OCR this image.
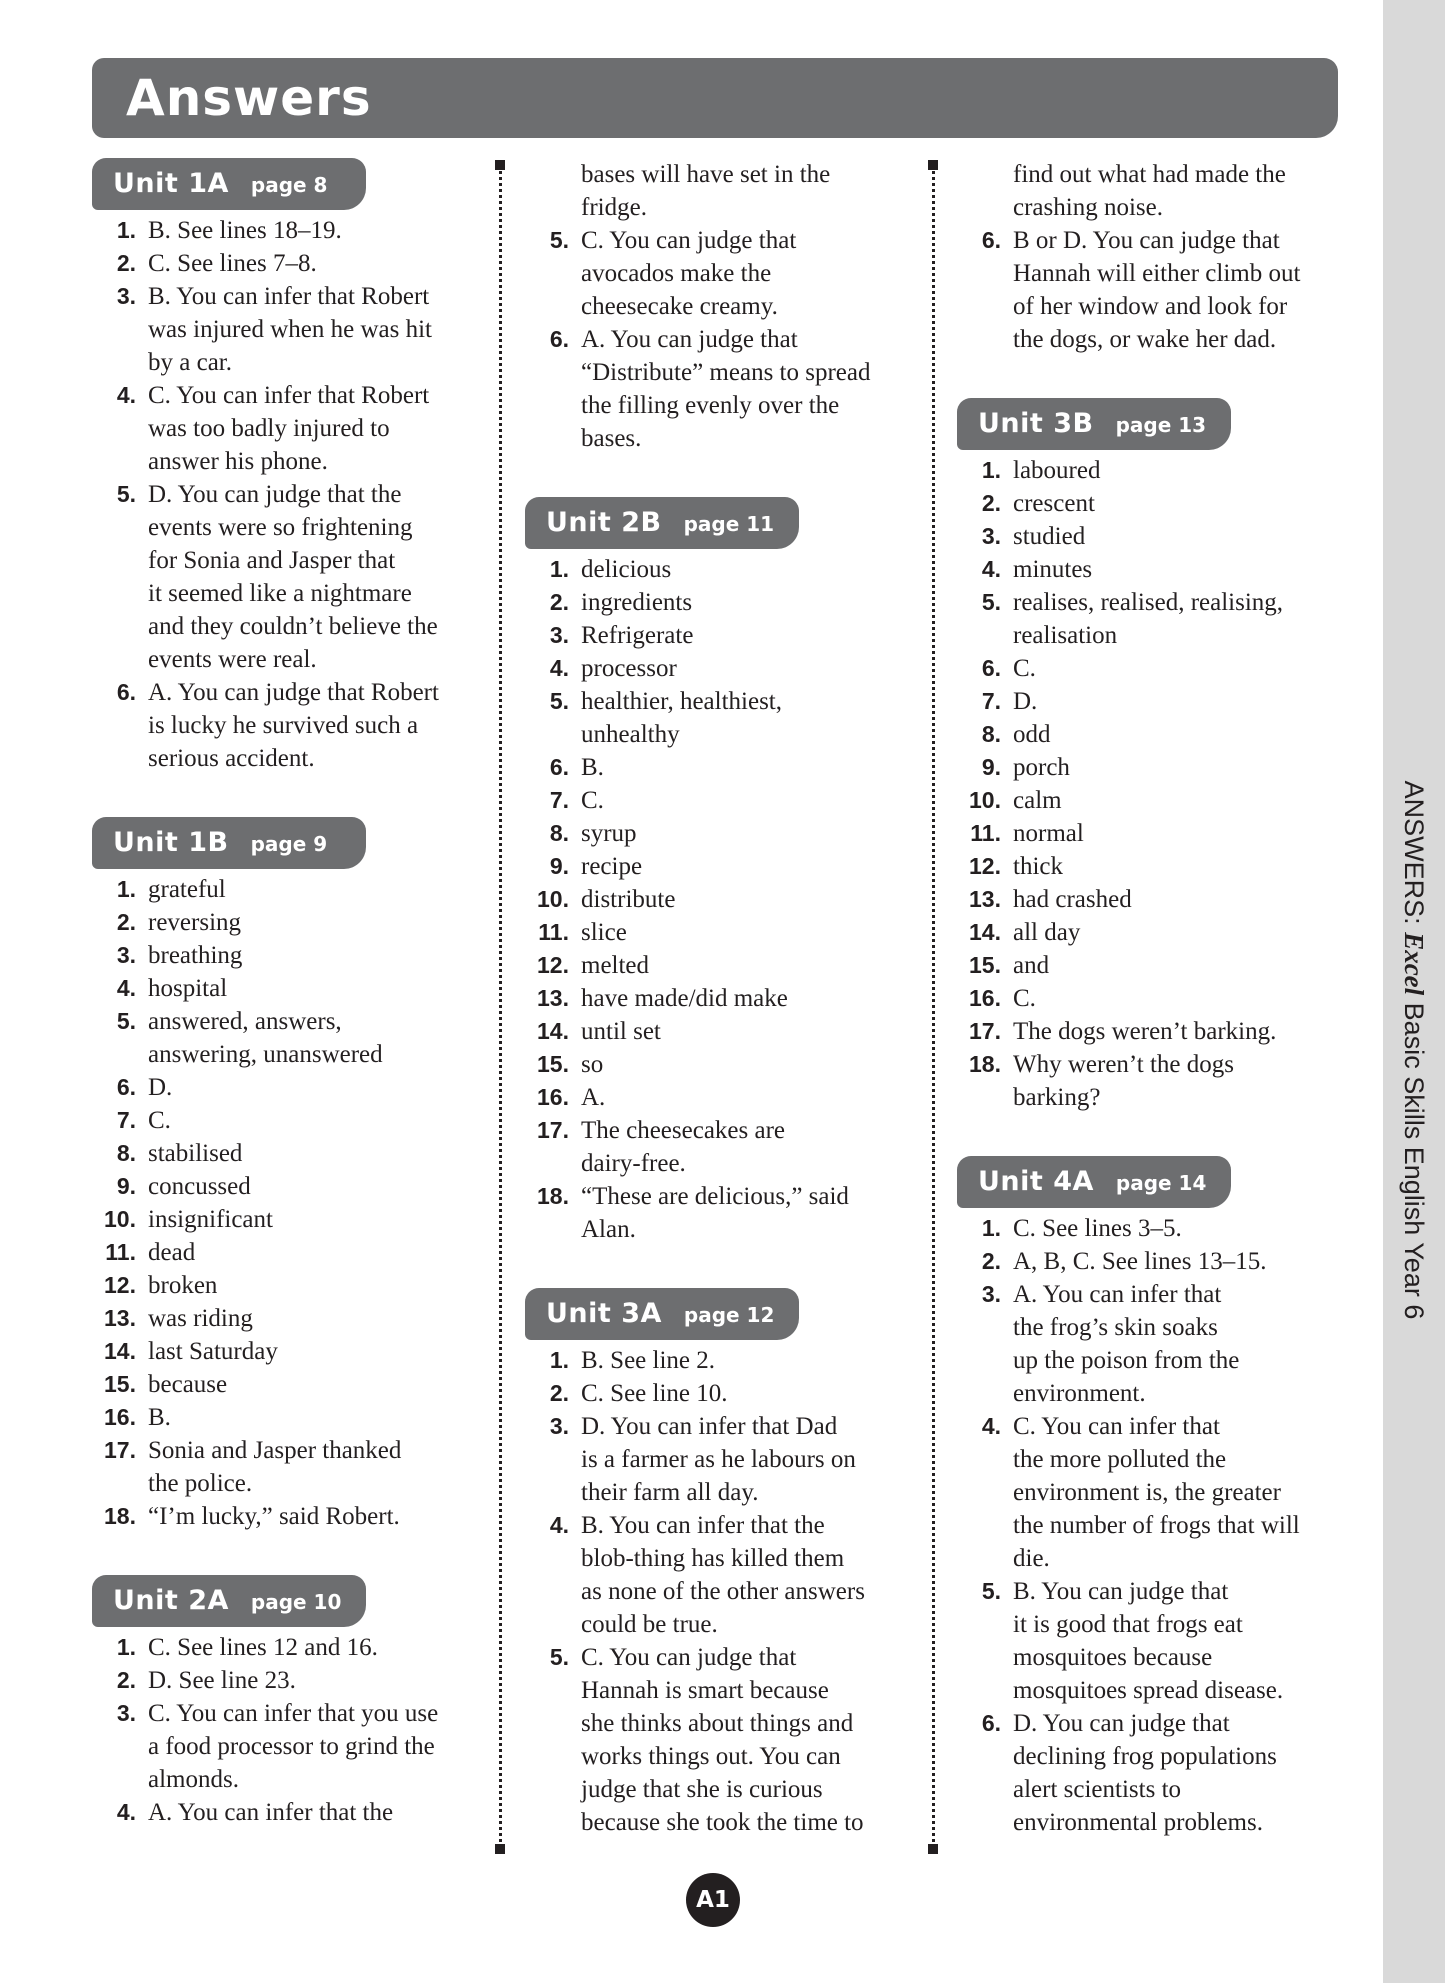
ANSWERS: Excel Basic Skills English Year 6
Answers
Unit 1A page 8
1. B. See lines 18–19.
2. C. See lines 7–8.
3. B. You can infer that Robert
was injured when he was hit
by a car.
4. C. You can infer that Robert
was too badly injured to
answer his phone.
5. D. You can judge that the
events were so frightening
for Sonia and Jasper that
it seemed like a nightmare
and they couldn’t believe the
events were real.
6. A. You can judge that Robert
is lucky he survived such a
serious accident.
Unit 1B page 9
1. grateful
2. reversing
3. breathing
4. hospital
5. answered, answers,
answering, unanswered
6. D.
7. C.
8. stabilised
9. concussed
10. insignificant
11. dead
12. broken
13. was riding
14. last Saturday
15. because
16. B.
17. Sonia and Jasper thanked
the police.
18. “I’m lucky,” said Robert.
Unit 2A page 10
1. C. See lines 12 and 16.
2. D. See line 23.
3. C. You can infer that you use
a food processor to grind the
almonds.
4. A. You can infer that the
bases will have set in the
fridge.
5. C. You can judge that
avocados make the
cheesecake creamy.
6. A. You can judge that
“Distribute” means to spread
the filling evenly over the
bases.
Unit 2B page 11
1. delicious
2. ingredients
3. Refrigerate
4. processor
5. healthier, healthiest,
unhealthy
6. B.
7. C.
8. syrup
9. recipe
10. distribute
11. slice
12. melted
13. have made/did make
14. until set
15. so
16. A.
17. The cheesecakes are
dairy-free.
18. “These are delicious,” said
Alan.
Unit 3A page 12
1. B. See line 2.
2. C. See line 10.
3. D. You can infer that Dad
is a farmer as he labours on
their farm all day.
4. B. You can infer that the
blob-thing has killed them
as none of the other answers
could be true.
5. C. You can judge that
Hannah is smart because
she thinks about things and
works things out. You can
judge that she is curious
because she took the time to
find out what had made the
crashing noise.
6. B or D. You can judge that
Hannah will either climb out
of her window and look for
the dogs, or wake her dad.
Unit 3B page 13
1. laboured
2. crescent
3. studied
4. minutes
5. realises, realised, realising,
realisation
6. C.
7. D.
8. odd
9. porch
10. calm
11. normal
12. thick
13. had crashed
14. all day
15. and
16. C.
17. The dogs weren’t barking.
18. Why weren’t the dogs
barking?
Unit 4A page 14
1. C. See lines 3–5.
2. A, B, C. See lines 13–15.
3. A. You can infer that
the frog’s skin soaks
up the poison from the
environment.
4. C. You can infer that
the more polluted the
environment is, the greater
the number of frogs that will
die.
5. B. You can judge that
it is good that frogs eat
mosquitoes because
mosquitoes spread disease.
6. D. You can judge that
declining frog populations
alert scientists to
environmental problems.
A1
